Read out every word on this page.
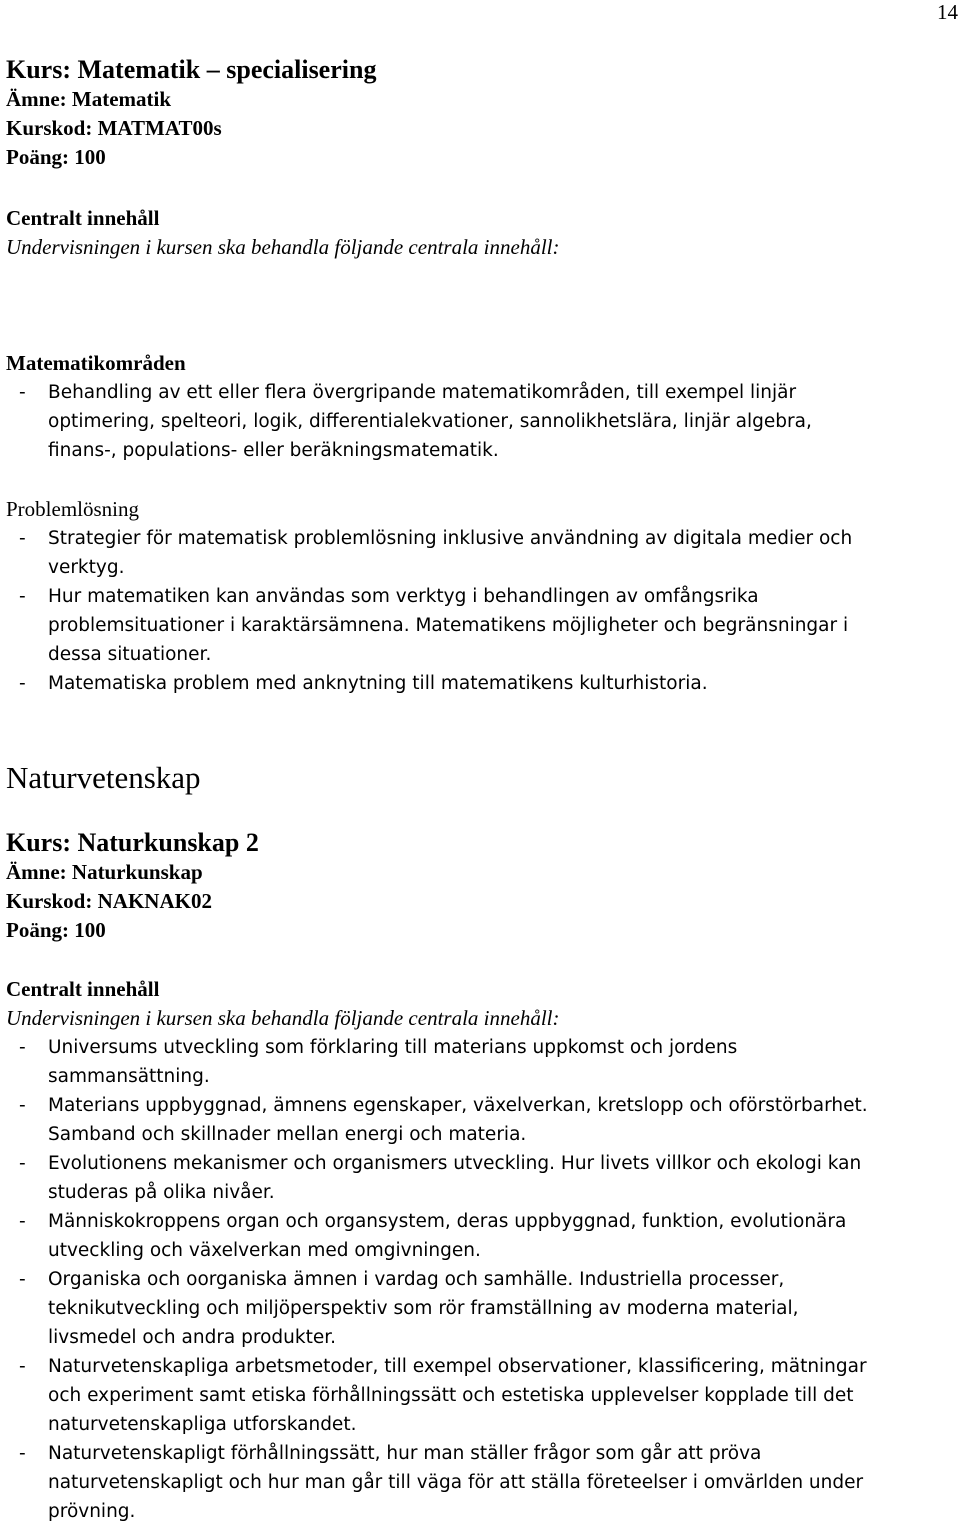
14
Kurs: Matematik – specialisering
Ämne: Matematik
Kurskod: MATMAT00s
Poäng: 100
Centralt innehåll
Undervisningen i kursen ska behandla följande centrala innehåll:
Matematikområden
- Behandling av ett eller flera övergripande matematikområden, till exempel linjär
optimering, spelteori, logik, differentialekvationer, sannolikhetslära, linjär algebra,
finans-, populations- eller beräkningsmatematik.
Problemlösning
- Strategier för matematisk problemlösning inklusive användning av digitala medier och
verktyg.
- Hur matematiken kan användas som verktyg i behandlingen av omfångsrika
problemsituationer i karaktärsämnena. Matematikens möjligheter och begränsningar i
dessa situationer.
- Matematiska problem med anknytning till matematikens kulturhistoria.
Naturvetenskap
Kurs: Naturkunskap 2
Ämne: Naturkunskap
Kurskod: NAKNAK02
Poäng: 100
Centralt innehåll
Undervisningen i kursen ska behandla följande centrala innehåll:
- Universums utveckling som förklaring till materians uppkomst och jordens
sammansättning.
- Materians uppbyggnad, ämnens egenskaper, växelverkan, kretslopp och oförstörbarhet.
Samband och skillnader mellan energi och materia.
- Evolutionens mekanismer och organismers utveckling. Hur livets villkor och ekologi kan
studeras på olika nivåer.
- Människokroppens organ och organsystem, deras uppbyggnad, funktion, evolutionära
utveckling och växelverkan med omgivningen.
- Organiska och oorganiska ämnen i vardag och samhälle. Industriella processer,
teknikutveckling och miljöperspektiv som rör framställning av moderna material,
livsmedel och andra produkter.
- Naturvetenskapliga arbetsmetoder, till exempel observationer, klassificering, mätningar
och experiment samt etiska förhållningssätt och estetiska upplevelser kopplade till det
naturvetenskapliga utforskandet.
- Naturvetenskapligt förhållningssätt, hur man ställer frågor som går att pröva
naturvetenskapligt och hur man går till väga för att ställa företeelser i omvärlden under
prövning.
